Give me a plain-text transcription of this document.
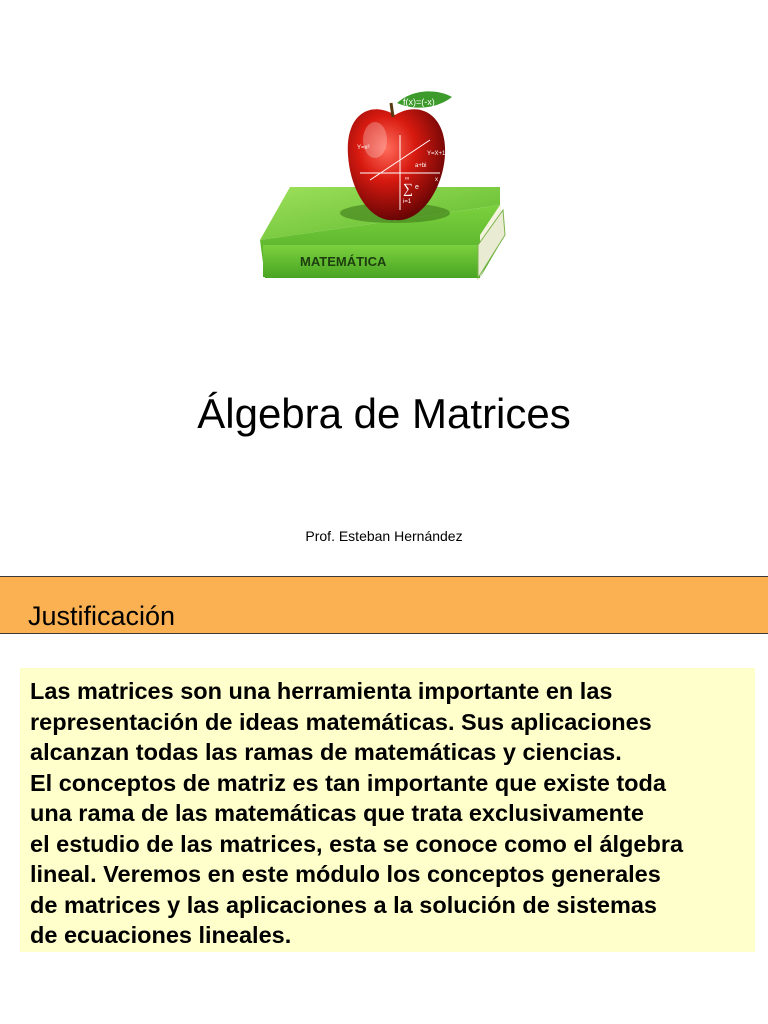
MATEMÁTICA
f(x)=(-x)
Y=x²
Y=X+1
a+bi
x
∑ e
i=1
∞
Álgebra de Matrices
Prof. Esteban Hernández
Justificación

Las matrices son una herramienta importante en las
representación de ideas matemáticas. Sus aplicaciones
alcanzan todas las ramas de matemáticas y ciencias.
El conceptos de matriz es tan importante que existe toda
una rama de las matemáticas que trata exclusivamente
el estudio de las matrices, esta se conoce como el álgebra
lineal. Veremos en este módulo los conceptos generales
de matrices y las aplicaciones a la solución de sistemas
de ecuaciones lineales.
